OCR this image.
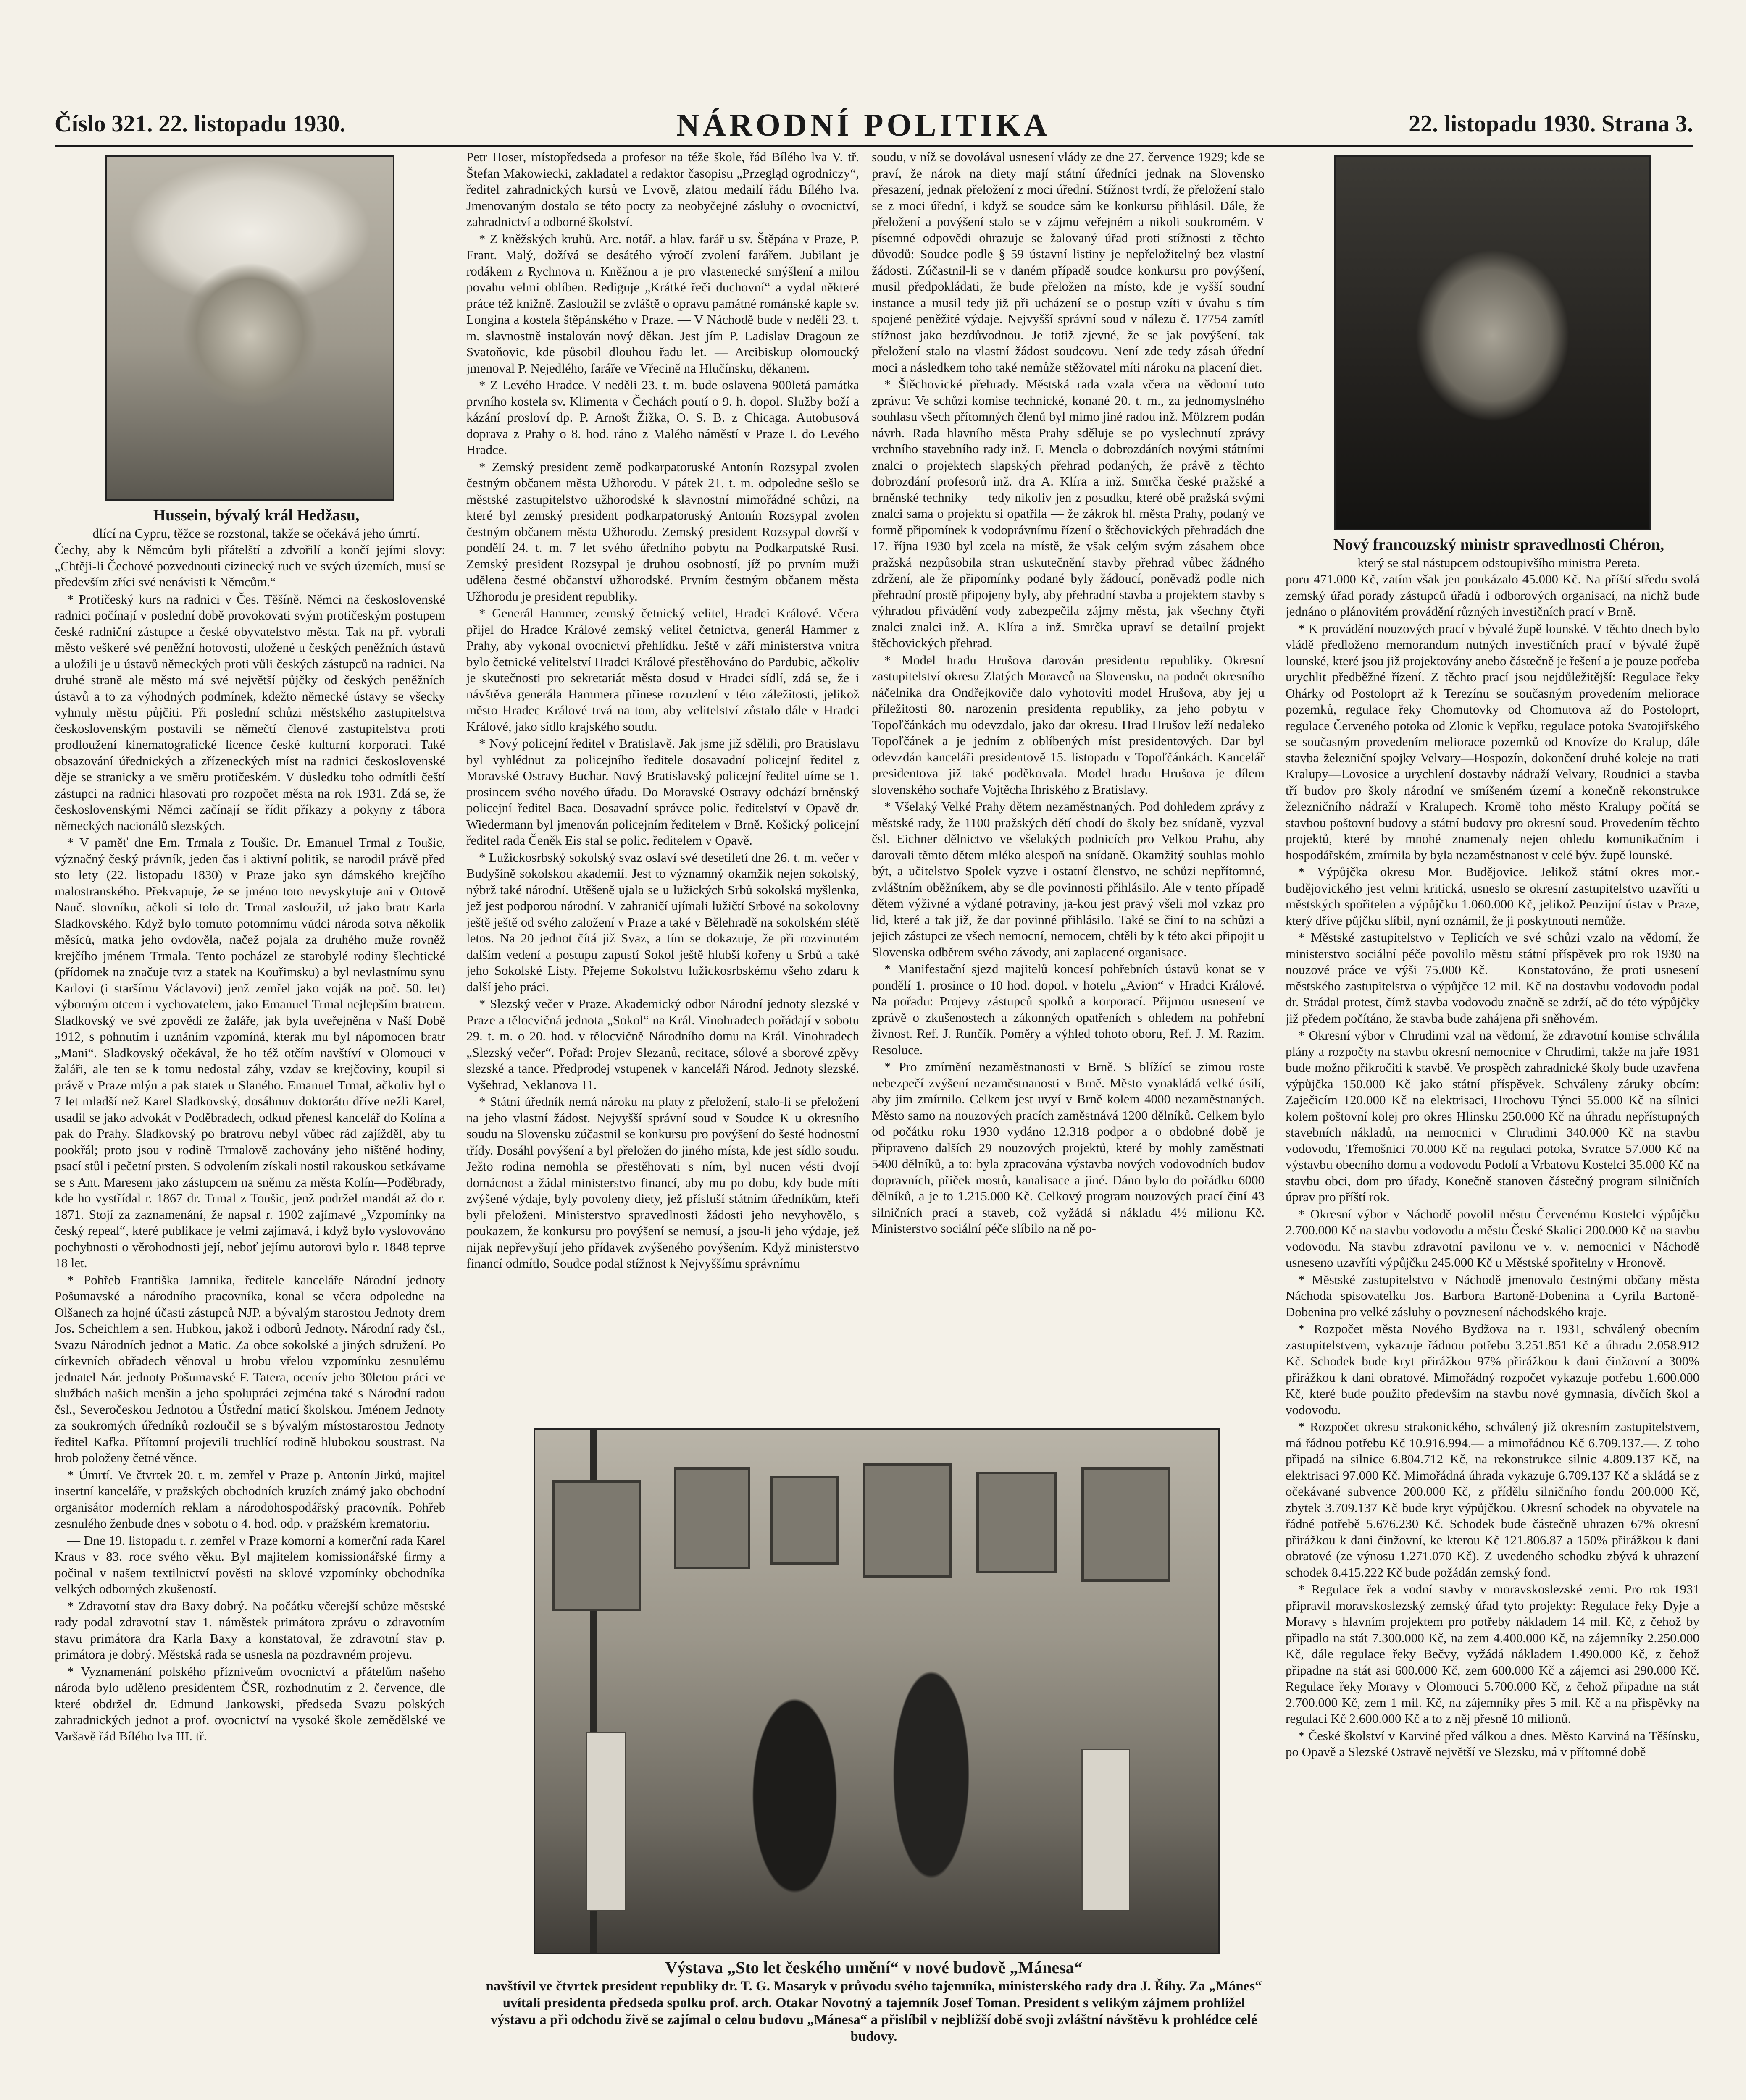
Číslo 321. 22. listopadu 1930.	NÁRODNÍ POLITIKA	22. listopadu 1930. Strana 3.

Hussein, bývalý král Hedžasu,

dlící na Cypru, těžce se rozstonal, takže se očekává jeho úmrtí.

Čechy, aby k Němcům byli přátelští a zdvořilí a končí jejími slovy: „Chtěji-li Čechové pozvednouti cizinecký ruch ve svých územích, musí se především zříci své nenávisti k Němcům.“

* Protičeský kurs na radnici v Čes. Těšíně. Němci na československé radnici počínají v poslední době provokovati svým protičeským postupem české radniční zástupce a české obyvatelstvo města. Tak na př. vybrali město veškeré své peněžní hotovosti, uložené u českých peněžních ústavů a uložili je u ústavů německých proti vůli českých zástupců na radnici. Na druhé straně ale město má své největší půjčky od českých peněžních ústavů a to za výhodných podmínek, kdežto německé ústavy se všecky vyhnuly městu půjčiti. Při poslední schůzi městského zastupitelstva československým postavili se němečtí členové zastupitelstva proti prodloužení kinematografické licence české kulturní korporaci. Také obsazování úřednických a zřízeneckých míst na radnici československé děje se stranicky a ve směru protičeském. V důsledku toho odmítli čeští zástupci na radnici hlasovati pro rozpočet města na rok 1931. Zdá se, že československými Němci začínají se řídit příkazy a pokyny z tábora německých nacionálů slezských.

* V paměť dne Em. Trmala z Toušic. Dr. Emanuel Trmal z Toušic, význačný český právník, jeden čas i aktivní politik, se narodil právě před sto lety (22. listopadu 1830) v Praze jako syn dámského krejčího malostranského. Překvapuje, že se jméno toto nevyskytuje ani v Ottově Nauč. slovníku, ačkoli si tolo dr. Trmal zasloužil, už jako bratr Karla Sladkovského. Když bylo tomuto potomnímu vůdci národa sotva několik měsíců, matka jeho ovdověla, načež pojala za druhého muže rovněž krejčího jménem Trmala. Tento pocházel ze starobylé rodiny šlechtické (přídomek na značuje tvrz a statek na Kouřimsku) a byl nevlastnímu synu Karlovi (i staršímu Václavovi) jenž zemřel jako voják na poč. 50. let) výborným otcem i vychovatelem, jako Emanuel Trmal nejlepším bratrem. Sladkovský ve své zpovědi ze žaláře, jak byla uveřejněna v Naší Době 1912, s pohnutím i uznáním vzpomíná, kterak mu byl nápomocen bratr „Mani“. Sladkovský očekával, že ho též otčím navštíví v Olomouci v žaláři, ale ten se k tomu nedostal záhy, vzdav se krejčoviny, koupil si právě v Praze mlýn a pak statek u Slaného. Emanuel Trmal, ačkoliv byl o 7 let mladší než Karel Sladkovský, dosáhnuv doktorátu dříve nežli Karel, usadil se jako advokát v Poděbradech, odkud přenesl kancelář do Kolína a pak do Prahy. Sladkovský po bratrovu nebyl vůbec rád zajížděl, aby tu pookřál; proto jsou v rodině Trmalově zachovány jeho ništěné hodiny, psací stůl i pečetní prsten. S odvolením získali nostil rakouskou setkávame se s Ant. Maresem jako zástupcem na sněmu za města Kolín—Poděbrady, kde ho vystřídal r. 1867 dr. Trmal z Toušic, jenž podržel mandát až do r. 1871. Stojí za zaznamenání, že napsal r. 1902 zajímavé „Vzpomínky na český repeal“, které publikace je velmi zajímavá, i když bylo vyslovováno pochybnosti o věrohodnosti její, neboť jejímu autorovi bylo r. 1848 teprve 18 let.

* Pohřeb Františka Jamnika, ředitele kanceláře Národní jednoty Pošumavské a národního pracovníka, konal se včera odpoledne na Olšanech za hojné účasti zástupců NJP. a bývalým starostou Jednoty drem Jos. Scheichlem a sen. Hubkou, jakož i odborů Jednoty. Národní rady čsl., Svazu Národních jednot a Matic. Za obce sokolské a jiných sdružení. Po církevních obřadech věnoval u hrobu vřelou vzpomínku zesnulému jednatel Nár. jednoty Pošumavské F. Tatera, ocenív jeho 30letou práci ve službách našich menšin a jeho spolupráci zejména také s Národní radou čsl., Severočeskou Jednotou a Ústřední maticí školskou. Jménem Jednoty za soukromých úředníků rozloučil se s bývalým místostarostou Jednoty ředitel Kafka. Přítomní projevili truchlící rodině hlubokou soustrast. Na hrob položeny četné věnce.

* Úmrtí. Ve čtvrtek 20. t. m. zemřel v Praze p. Antonín Jirků, majitel insertní kanceláře, v pražských obchodních kruzích známý jako obchodní organisátor moderních reklam a národohospodářský pracovník. Pohřeb zesnulého ženbude dnes v sobotu o 4. hod. odp. v pražském krematoriu.

— Dne 19. listopadu t. r. zemřel v Praze komorní a komerční rada Karel Kraus v 83. roce svého věku. Byl majitelem komissionářské firmy a počinal v našem textilnictví pověsti na sklové vzpomínky obchodníka velkých odborných zkušeností.

* Zdravotní stav dra Baxy dobrý. Na počátku včerejší schůze městské rady podal zdravotní stav 1. náměstek primátora zprávu o zdravotním stavu primátora dra Karla Baxy a konstatoval, že zdravotní stav p. primátora je dobrý. Městská rada se usnesla na pozdravném projevu.

* Vyznamenání polského přízniveům ovocnictví a přátelům našeho národa bylo uděleno presidentem ČSR, rozhodnutím z 2. července, dle které obdržel dr. Edmund Jankowski, předseda Svazu polských zahradnických jednot a prof. ovocnictví na vysoké škole zemědělské ve Varšavě řád Bílého lva III. tř.

Petr Hoser, místopředseda a profesor na téže škole, řád Bílého lva V. tř. Štefan Makowiecki, zakladatel a redaktor časopisu „Przegląd ogrodniczy“, ředitel zahradnických kursů ve Lvově, zlatou medailí řádu Bílého lva. Jmenovaným dostalo se této pocty za neobyčejné zásluhy o ovocnictví, zahradnictví a odborné školství.

* Z kněžských kruhů. Arc. notář. a hlav. farář u sv. Štěpána v Praze, P. Frant. Malý, dožívá se desátého výročí zvolení farářem. Jubilant je rodákem z Rychnova n. Kněžnou a je pro vlastenecké smýšlení a milou povahu velmi oblíben. Rediguje „Krátké řeči duchovní“ a vydal některé práce též knižně. Zasloužil se zvláště o opravu památné románské kaple sv. Longina a kostela štěpánského v Praze. — V Náchodě bude v neděli 23. t. m. slavnostně instalován nový děkan. Jest jím P. Ladislav Dragoun ze Svatoňovic, kde působil dlouhou řadu let. — Arcibiskup olomoucký jmenoval P. Nejedlého, faráře ve Vřecině na Hlučínsku, děkanem.

* Z Levého Hradce. V neděli 23. t. m. bude oslavena 900letá památka prvního kostela sv. Klimenta v Čechách poutí o 9. h. dopol. Služby boží a kázání prosloví dp. P. Arnošt Žižka, O. S. B. z Chicaga. Autobusová doprava z Prahy o 8. hod. ráno z Malého náměstí v Praze I. do Levého Hradce.

* Zemský president země podkarpatoruské Antonín Rozsypal zvolen čestným občanem města Užhorodu. V pátek 21. t. m. odpoledne sešlo se městské zastupitelstvo užhorodské k slavnostní mimořádné schůzi, na které byl zemský president podkarpatoruský Antonín Rozsypal zvolen čestným občanem města Užhorodu. Zemský president Rozsypal dovrší v pondělí 24. t. m. 7 let svého úředního pobytu na Podkarpatské Rusi. Zemský president Rozsypal je druhou osobností, jíž po prvním muži udělena čestné občanství užhorodské. Prvním čestným občanem města Užhorodu je president republiky.

* Generál Hammer, zemský četnický velitel, Hradci Králové. Včera přijel do Hradce Králové zemský velitel četnictva, generál Hammer z Prahy, aby vykonal ovocnictví přehlídku. Ještě v září ministerstva vnitra bylo četnické velitelství Hradci Králové přestěhováno do Pardubic, ačkoliv je skutečnosti pro sekretariát města dosud v Hradci sídlí, zdá se, že i návštěva generála Hammera přinese rozuzlení v této záležitosti, jelikož město Hradec Králové trvá na tom, aby velitelství zůstalo dále v Hradci Králové, jako sídlo krajského soudu.

* Nový policejní ředitel v Bratislavě. Jak jsme již sdělili, pro Bratislavu byl vyhlédnut za policejního ředitele dosavadní policejní ředitel z Moravské Ostravy Buchar. Nový Bratislavský policejní ředitel uíme se 1. prosincem svého nového úřadu. Do Moravské Ostravy odchází brněnský policejní ředitel Baca. Dosavadní správce polic. ředitelství v Opavě dr. Wiedermann byl jmenován policejním ředitelem v Brně. Košický policejní ředitel rada Čeněk Eis stal se polic. ředitelem v Opavě.

* Lužickosrbský sokolský svaz oslaví své desetiletí dne 26. t. m. večer v Budyšíně sokolskou akademií. Jest to významný okamžik nejen sokolský, nýbrž také národní. Utěšeně ujala se u lužických Srbů sokolská myšlenka, jež jest podporou národní. V zahraničí ujímali lužičtí Srbové na sokolovny ještě ještě od svého založení v Praze a také v Bělehradě na sokolském slétě letos. Na 20 jednot čítá již Svaz, a tím se dokazuje, že při rozvinutém dalším vedení a postupu zapustí Sokol ještě hlubší kořeny u Srbů a také jeho Sokolské Listy. Přejeme Sokolstvu lužickosrbskému všeho zdaru k další jeho práci.

* Slezský večer v Praze. Akademický odbor Národní jednoty slezské v Praze a tělocvičná jednota „Sokol“ na Král. Vinohradech pořádají v sobotu 29. t. m. o 20. hod. v tělocvičně Národního domu na Král. Vinohradech „Slezský večer“. Pořad: Projev Slezanů, recitace, sólové a sborové zpěvy slezské a tance. Předprodej vstupenek v kanceláři Národ. Jednoty slezské. Vyšehrad, Neklanova 11.

* Státní úředník nemá nároku na platy z přeložení, stalo-li se přeložení na jeho vlastní žádost. Nejvyšší správní soud v Soudce K u okresního soudu na Slovensku zúčastnil se konkursu pro povýšení do šesté hodnostní třídy. Dosáhl povýšení a byl přeložen do jiného místa, kde jest sídlo soudu. Ježto rodina nemohla se přestěhovati s ním, byl nucen vésti dvojí domácnost a žádal ministerstvo financí, aby mu po dobu, kdy bude míti zvýšené výdaje, byly povoleny diety, jež přísluší státním úředníkům, kteří byli přeloženi. Ministerstvo spravedlnosti žádosti jeho nevyhovělo, s poukazem, že konkursu pro povýšení se nemusí, a jsou-li jeho výdaje, jež nijak nepřevyšují jeho přídavek zvýšeného povýšením. Když ministerstvo financí odmítlo, Soudce podal stížnost k Nejvyššímu správnímu

soudu, v níž se dovolával usnesení vlády ze dne 27. července 1929; kde se praví, že nárok na diety mají státní úředníci jednak na Slovensko přesazení, jednak přeložení z moci úřední. Stížnost tvrdí, že přeložení stalo se z moci úřední, i když se soudce sám ke konkursu přihlásil. Dále, že přeložení a povýšení stalo se v zájmu veřejném a nikoli soukromém. V písemné odpovědi ohrazuje se žalovaný úřad proti stížnosti z těchto důvodů: Soudce podle § 59 ústavní listiny je nepřeložitelný bez vlastní žádosti. Zúčastnil-li se v daném případě soudce konkursu pro povýšení, musil předpokládati, že bude přeložen na místo, kde je vyšší soudní instance a musil tedy již při ucházení se o postup vzíti v úvahu s tím spojené peněžité výdaje. Nejvyšší správní soud v nálezu č. 17754 zamítl stížnost jako bezdůvodnou. Je totiž zjevné, že se jak povýšení, tak přeložení stalo na vlastní žádost soudcovu. Není zde tedy zásah úřední moci a následkem toho také nemůže stěžovatel míti nároku na placení diet.

* Štěchovické přehrady. Městská rada vzala včera na vědomí tuto zprávu: Ve schůzi komise technické, konané 20. t. m., za jednomyslného souhlasu všech přítomných členů byl mimo jiné radou inž. Mölzrem podán návrh. Rada hlavního města Prahy sděluje se po vyslechnutí zprávy vrchního stavebního rady inž. F. Mencla o dobrozdáních novými státními znalci o projektech slapských přehrad podaných, že právě z těchto dobrozdání profesorů inž. dra A. Klíra a inž. Smrčka české pražské a brněnské techniky — tedy nikoliv jen z posudku, které obě pražská svými znalci sama o projektu si opatřila — že zákrok hl. města Prahy, podaný ve formě připomínek k vodoprávnímu řízení o štěchovických přehradách dne 17. října 1930 byl zcela na místě, že však celým svým zásahem obce pražská nezpůsobila stran uskutečnění stavby přehrad vůbec žádného zdržení, ale že připomínky podané byly žádoucí, poněvadž podle nich přehradní prostě připojeny byly, aby přehradní stavba a projektem stavby s výhradou přivádění vody zabezpečila zájmy města, jak všechny čtyři znalci znalci inž. A. Klíra a inž. Smrčka upraví se detailní projekt štěchovických přehrad.

* Model hradu Hrušova darován presidentu republiky. Okresní zastupitelství okresu Zlatých Moravců na Slovensku, na podnět okresního náčelníka dra Ondřejkoviče dalo vyhotoviti model Hrušova, aby jej u příležitosti 80. narozenin presidenta republiky, za jeho pobytu v Topoľčánkách mu odevzdalo, jako dar okresu. Hrad Hrušov leží nedaleko Topoľčánek a je jedním z oblíbených míst presidentových. Dar byl odevzdán kanceláři presidentově 15. listopadu v Topoľčánkách. Kancelář presidentova již také poděkovala. Model hradu Hrušova je dílem slovenského sochaře Vojtěcha Ihriského z Bratislavy.

* Všelaký Velké Prahy dětem nezaměstnaných. Pod dohledem zprávy z městské rady, že 1100 pražských dětí chodí do školy bez snídaně, vyzval čsl. Eichner dělnictvo ve všelakých podnicích pro Velkou Prahu, aby darovali těmto dětem mléko alespoň na snídaně. Okamžitý souhlas mohlo být, a učitelstvo Spolek vyzve i ostatní členstvo, ne schůzi nepřítomné, zvláštním oběžníkem, aby se dle povinnosti přihlásilo. Ale v tento případě dětem výživné a výdané potraviny, ja-kou jest pravý všeli mol vzkaz pro lid, které a tak již, že dar povinné přihlásilo. Také se činí to na schůzi a jejich zástupci ze všech nemocní, nemocem, chtěli by k této akci připojit u Slovenska odběrem svého závody, ani zaplacené organisace.

* Manifestační sjezd majitelů koncesí pohřebních ústavů konat se v pondělí 1. prosince o 10 hod. dopol. v hotelu „Avion“ v Hradci Králové. Na pořadu: Projevy zástupců spolků a korporací. Přijmou usnesení ve zprávě o zkušenostech a zákonných opatřeních s ohledem na pohřební živnost. Ref. J. Runčík. Poměry a výhled tohoto oboru, Ref. J. M. Razim. Resoluce.

* Pro zmírnění nezaměstnanosti v Brně. S blížící se zimou roste nebezpečí zvýšení nezaměstnanosti v Brně. Město vynakládá velké úsilí, aby jim zmírnilo. Celkem jest uvyí v Brně kolem 4000 nezaměstnaných. Město samo na nouzových pracích zaměstnává 1200 dělníků. Celkem bylo od počátku roku 1930 vydáno 12.318 podpor a o obdobné době je připraveno dalších 29 nouzových projektů, které by mohly zaměstnati 5400 dělníků, a to: byla zpracována výstavba nových vodovodních budov dopravních, přiček mostů, kanalisace a jiné. Dáno bylo do pořádku 6000 dělníků, a je to 1.215.000 Kč. Celkový program nouzových prací činí 43 silničních prací a staveb, což vyžádá si nákladu 4½ milionu Kč. Ministerstvo sociální péče slíbilo na ně po-

Výstava „Sto let českého umění“ v nové budově „Mánesa“
navštívil ve čtvrtek president republiky dr. T. G. Masaryk v průvodu svého tajemníka, ministerského rady dra J. Říhy. Za „Mánes“ uvítali presidenta předseda spolku prof. arch. Otakar Novotný a tajemník Josef Toman. President s velikým zájmem prohlížel výstavu a při odchodu živě se zajímal o celou budovu „Mánesa“ a přislíbil v nejbližší době svoji zvláštní návštěvu k prohlédce celé budovy.

Nový francouzský ministr spravedlnosti Chéron,

který se stal nástupcem odstoupivšího ministra Pereta.

poru 471.000 Kč, zatím však jen poukázalo 45.000 Kč. Na příští středu svolá zemský úřad porady zástupců úřadů i odborových organisací, na nichž bude jednáno o plánovitém provádění různých investičních prací v Brně.

* K provádění nouzových prací v bývalé župě lounské. V těchto dnech bylo vládě předloženo memorandum nutných investičních prací v bývalé župě lounské, které jsou již projektovány anebo částečně je řešení a je pouze potřeba urychlit předběžné řízení. Z těchto prací jsou nejdůležitější: Regulace řeky Ohárky od Postoloprt až k Terezínu se současným provedením meliorace pozemků, regulace řeky Chomutovky od Chomutova až do Postoloprt, regulace Červeného potoka od Zlonic k Vepřku, regulace potoka Svatojiřského se současným provedením meliorace pozemků od Knovíze do Kralup, dále stavba železniční spojky Velvary—Hospozín, dokončení druhé koleje na trati Kralupy—Lovosice a urychlení dostavby nádraží Velvary, Roudnici a stavba tří budov pro školy národní ve smíšeném území a konečně rekonstrukce železničního nádraží v Kralupech. Kromě toho město Kralupy počítá se stavbou poštovní budovy a státní budovy pro okresní soud. Provedením těchto projektů, které by mnohé znamenaly nejen ohledu komunikačním i hospodářském, zmírnila by byla nezaměstnanost v celé býv. župě lounské.

* Výpůjčka okresu Mor. Budějovice. Jelikož státní okres mor.-budějovického jest velmi kritická, usneslo se okresní zastupitelstvo uzavříti u městských spořitelen a výpůjčku 1.060.000 Kč, jelikož Penzijní ústav v Praze, který dříve půjčku slíbil, nyní oznámil, že ji poskytnouti nemůže.

* Městské zastupitelstvo v Teplicích ve své schůzi vzalo na vědomí, že ministerstvo sociální péče povolilo městu státní příspěvek pro rok 1930 na nouzové práce ve výši 75.000 Kč. — Konstatováno, že proti usnesení městského zastupitelstva o výpůjčce 12 mil. Kč na dostavbu vodovodu podal dr. Strádal protest, čímž stavba vodovodu značně se zdrží, ač do této výpůjčky již předem počítáno, že stavba bude zahájena při sněhovém.

* Okresní výbor v Chrudimi vzal na vědomí, že zdravotní komise schválila plány a rozpočty na stavbu okresní nemocnice v Chrudimi, takže na jaře 1931 bude možno přikročiti k stavbě. Ve prospěch zahradnické školy bude uzavřena výpůjčka 150.000 Kč jako státní příspěvek. Schváleny záruky obcím: Zaječicím 120.000 Kč na elektrisaci, Hrochovu Týnci 55.000 Kč na sílnici kolem poštovní kolej pro okres Hlinsku 250.000 Kč na úhradu nepřístupných stavebních nákladů, na nemocnici v Chrudimi 340.000 Kč na stavbu vodovodu, Třemošnici 70.000 Kč na regulaci potoka, Svratce 57.000 Kč na výstavbu obecního domu a vodovodu Podolí a Vrbatovu Kostelci 35.000 Kč na stavbu obci, dom pro úřady, Konečně stanoven částečný program silničních úprav pro příští rok.

* Okresní výbor v Náchodě povolil městu Červenému Kostelci výpůjčku 2.700.000 Kč na stavbu vodovodu a městu České Skalici 200.000 Kč na stavbu vodovodu. Na stavbu zdravotní pavilonu ve v. v. nemocnici v Náchodě usneseno uzavříti výpůjčku 245.000 Kč u Městské spořitelny v Hronově.

* Městské zastupitelstvo v Náchodě jmenovalo čestnými občany města Náchoda spisovatelku Jos. Barbora Bartoně-Dobenina a Cyrila Bartoně-Dobenina pro velké zásluhy o povznesení náchodského kraje.

* Rozpočet města Nového Bydžova na r. 1931, schválený obecním zastupitelstvem, vykazuje řádnou potřebu 3.251.851 Kč a úhradu 2.058.912 Kč. Schodek bude kryt přirážkou 97% přirážkou k dani činžovní a 300% přirážkou k dani obratové. Mimořádný rozpočet vykazuje potřebu 1.600.000 Kč, které bude použito především na stavbu nové gymnasia, dívčích škol a vodovodu.

* Rozpočet okresu strakonického, schválený již okresním zastupitelstvem, má řádnou potřebu Kč 10.916.994.— a mimořádnou Kč 6.709.137.—. Z toho připadá na silnice 6.804.712 Kč, na rekonstrukce silnic 4.809.137 Kč, na elektrisaci 97.000 Kč. Mimořádná úhrada vykazuje 6.709.137 Kč a skládá se z očekávané subvence 200.000 Kč, z přídělu silničního fondu 200.000 Kč, zbytek 3.709.137 Kč bude kryt výpůjčkou. Okresní schodek na obyvatele na řádné potřebě 5.676.230 Kč. Schodek bude částečně uhrazen 67% okresní přirážkou k dani činžovní, ke kterou Kč 121.806.87 a 150% přirážkou k dani obratové (ze výnosu 1.271.070 Kč). Z uvedeného schodku zbývá k uhrazení schodek 8.415.222 Kč bude požádán zemský fond.

* Regulace řek a vodní stavby v moravskoslezské zemi. Pro rok 1931 připravil moravskoslezský zemský úřad tyto projekty: Regulace řeky Dyje a Moravy s hlavním projektem pro potřeby nákladem 14 mil. Kč, z čehož by připadlo na stát 7.300.000 Kč, na zem 4.400.000 Kč, na zájemníky 2.250.000 Kč, dále regulace řeky Bečvy, vyžádá nákladem 1.490.000 Kč, z čehož připadne na stát asi 600.000 Kč, zem 600.000 Kč a zájemci asi 290.000 Kč. Regulace řeky Moravy v Olomouci 5.700.000 Kč, z čehož připadne na stát 2.700.000 Kč, zem 1 mil. Kč, na zájemníky přes 5 mil. Kč a na přispěvky na regulaci Kč 2.600.000 Kč a to z něj přesně 10 milionů.

* České školství v Karviné před válkou a dnes. Město Karviná na Těšínsku, po Opavě a Slezské Ostravě největší ve Slezsku, má v přítomné době
